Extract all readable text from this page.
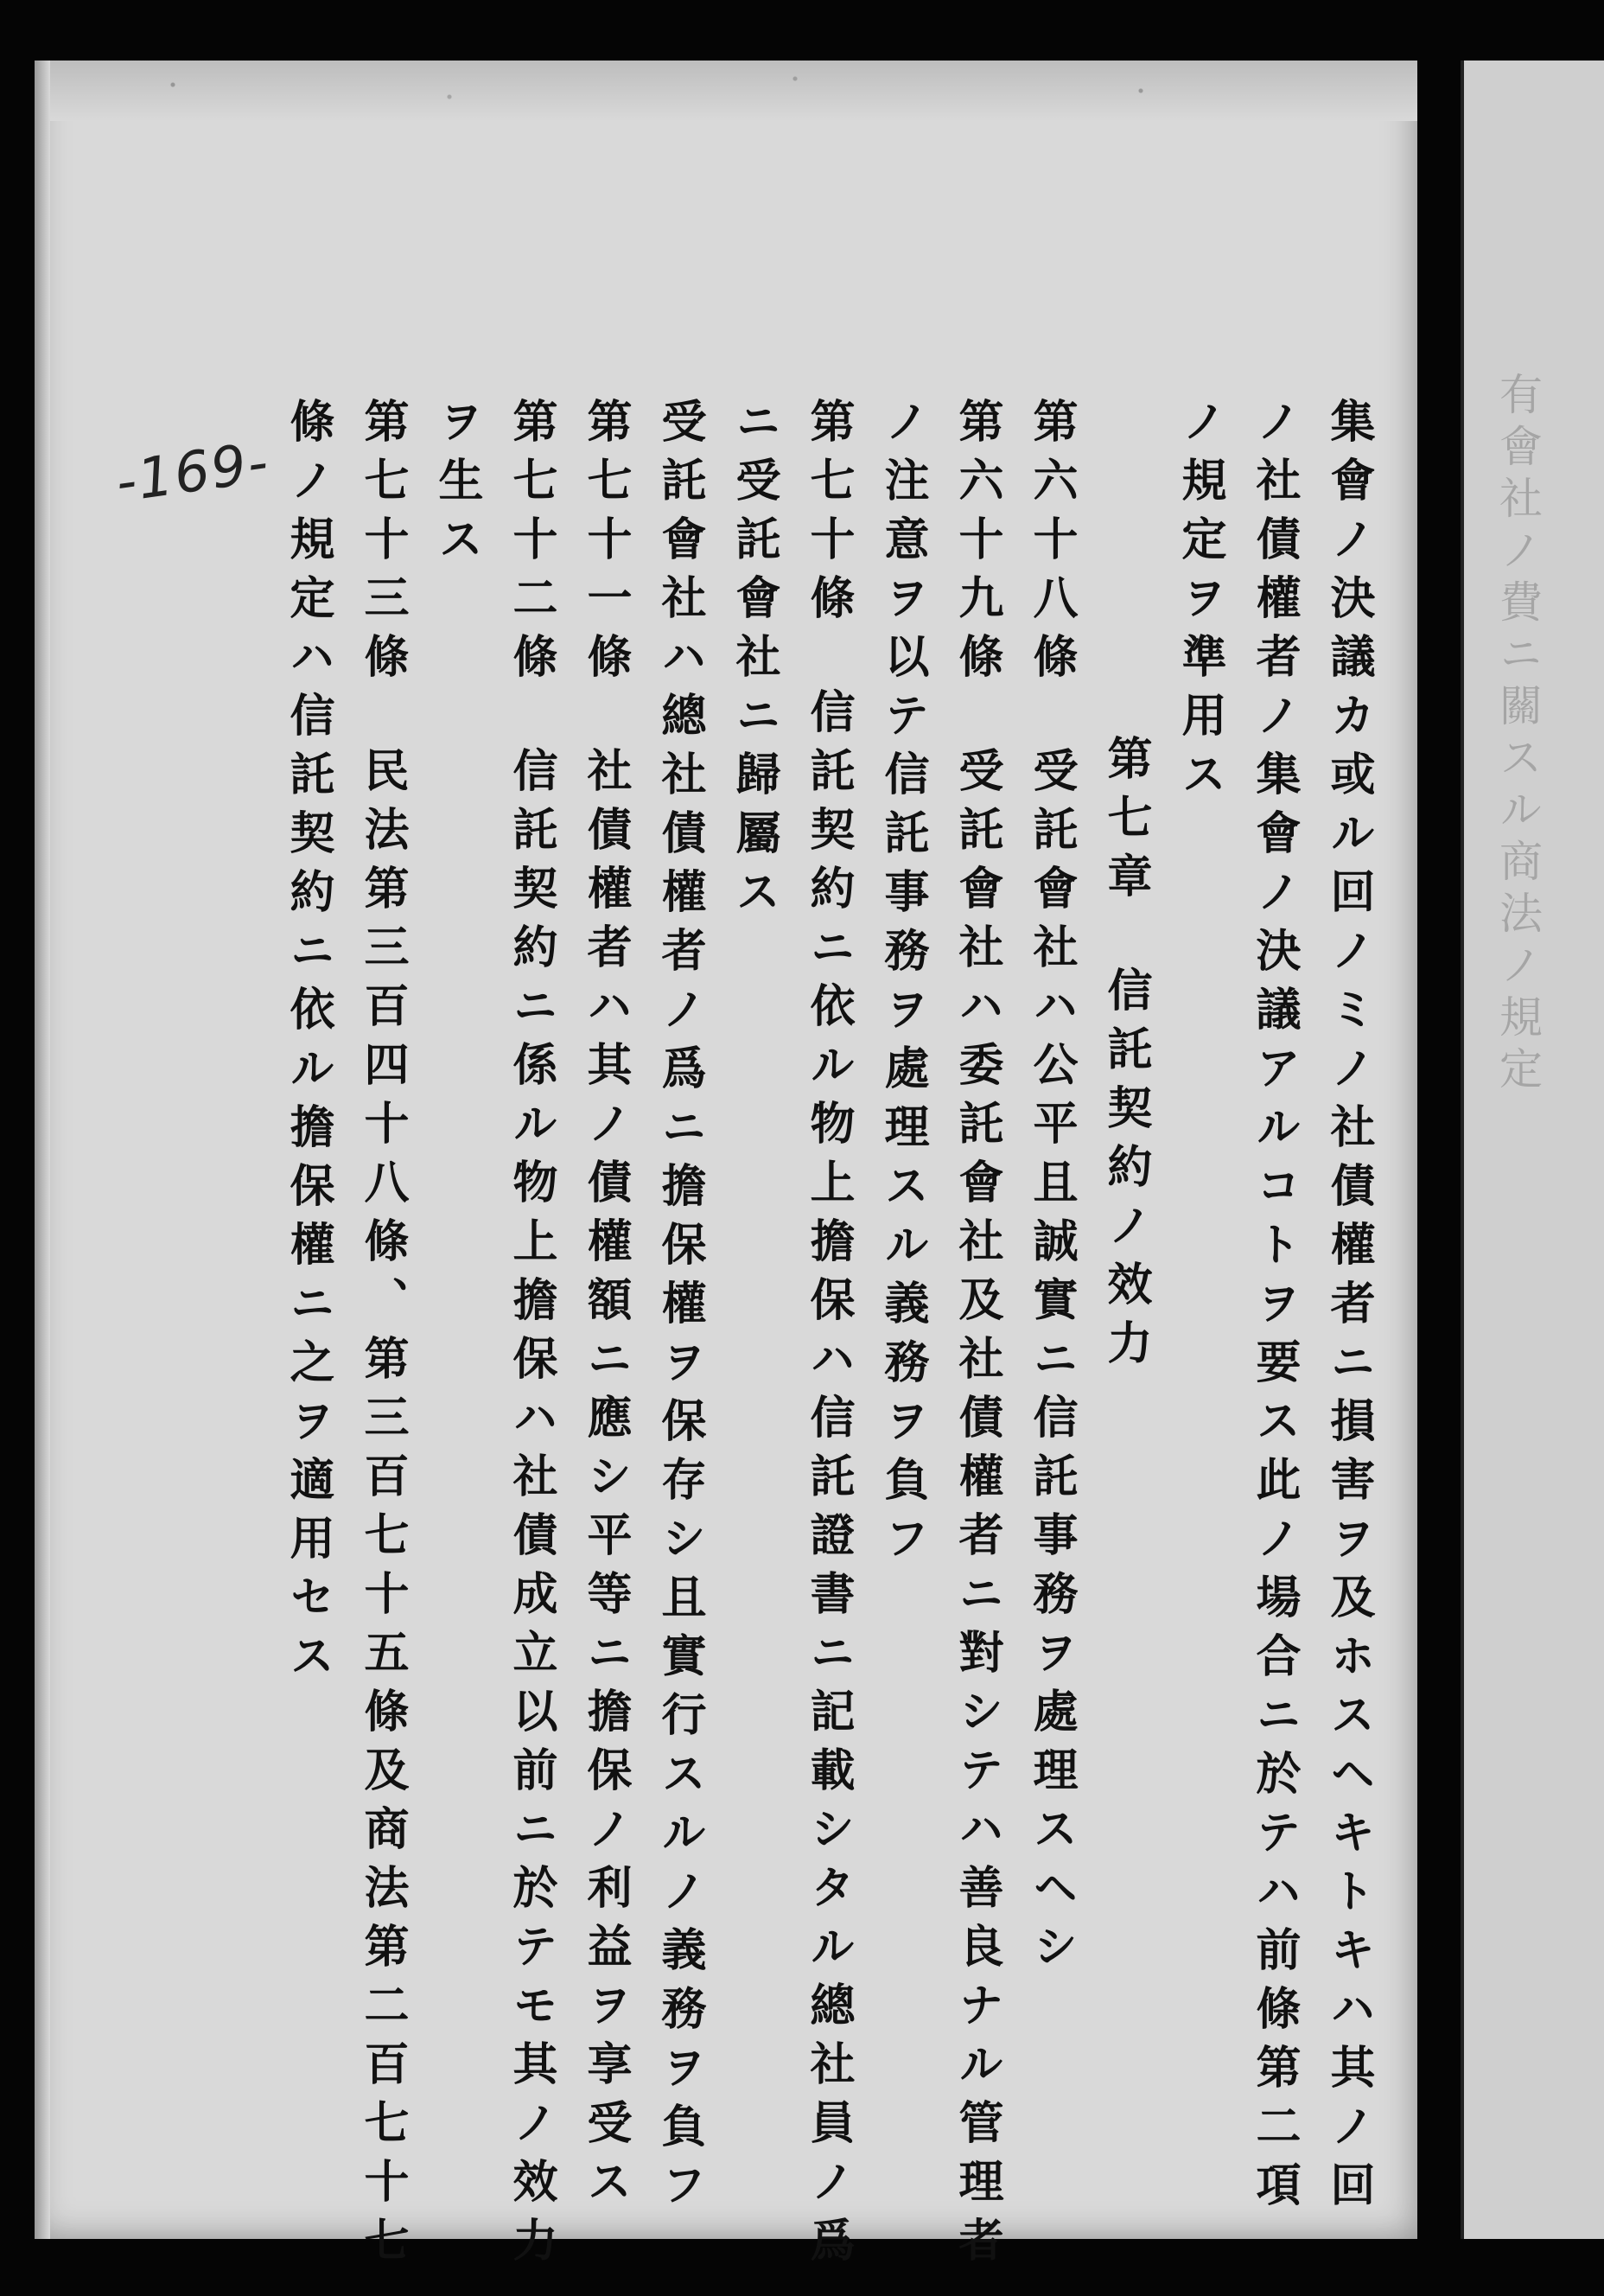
有會社ノ費ニ關スル商法ノ規定
-169-	集會ノ決議カ或ル回ノミノ社債權者ニ損害ヲ及ホスヘキトキハ其ノ回
ノ社債權者ノ集會ノ決議アルコトヲ要ス此ノ場合ニ於テハ前條第二項
ノ規定ヲ準用ス
第七章信託契約ノ效力
第六十八條受託會社ハ公平且誠實ニ信託事務ヲ處理スヘシ
第六十九條受託會社ハ委託會社及社債權者ニ對シテハ善良ナル管理者
ノ注意ヲ以テ信託事務ヲ處理スル義務ヲ負フ
第七十條信託契約ニ依ル物上擔保ハ信託證書ニ記載シタル總社員ノ爲
ニ受託會社ニ歸屬ス
受託會社ハ總社債權者ノ爲ニ擔保權ヲ保存シ且實行スルノ義務ヲ負フ
第七十一條社債權者ハ其ノ債權額ニ應シ平等ニ擔保ノ利益ヲ享受ス
第七十二條信託契約ニ係ル物上擔保ハ社債成立以前ニ於テモ其ノ效力
ヲ生ス
第七十三條民法第三百四十八條、第三百七十五條及商法第二百七十七
條ノ規定ハ信託契約ニ依ル擔保權ニ之ヲ適用セス
